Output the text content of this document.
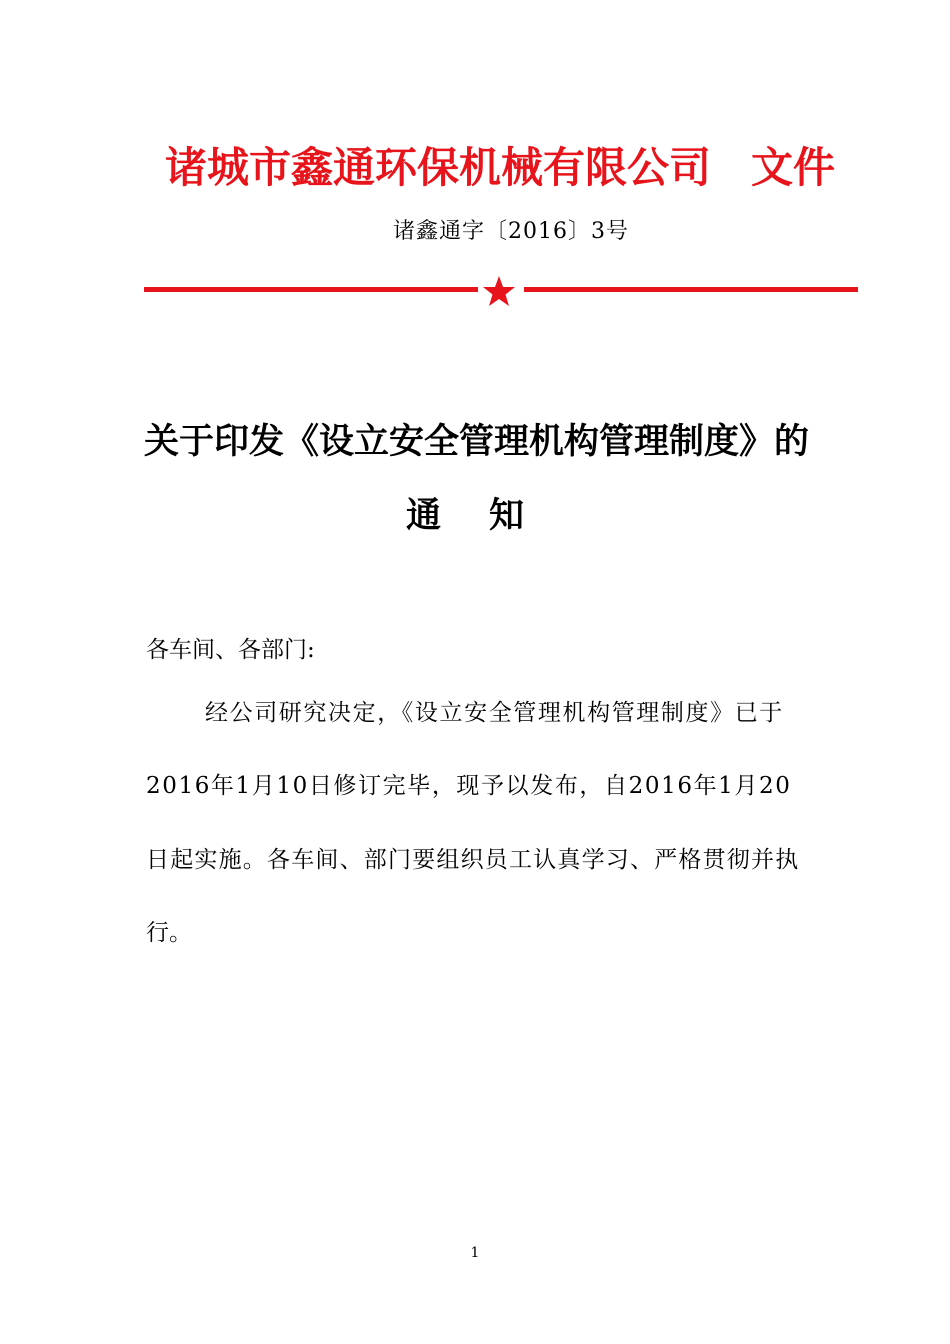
诸城市鑫通环保机械有限公司 文件
诸鑫通字〔2016〕3号
关于印发《设立安全管理机构管理制度》的
通 知
各车间、各部门:
经公司研究决定，《设立安全管理机构管理制度》已于
2016年1月10日修订完毕，现予以发布，自2016年1月20
日起实施。各车间、部门要组织员工认真学习、严格贯彻并执
行。
1
